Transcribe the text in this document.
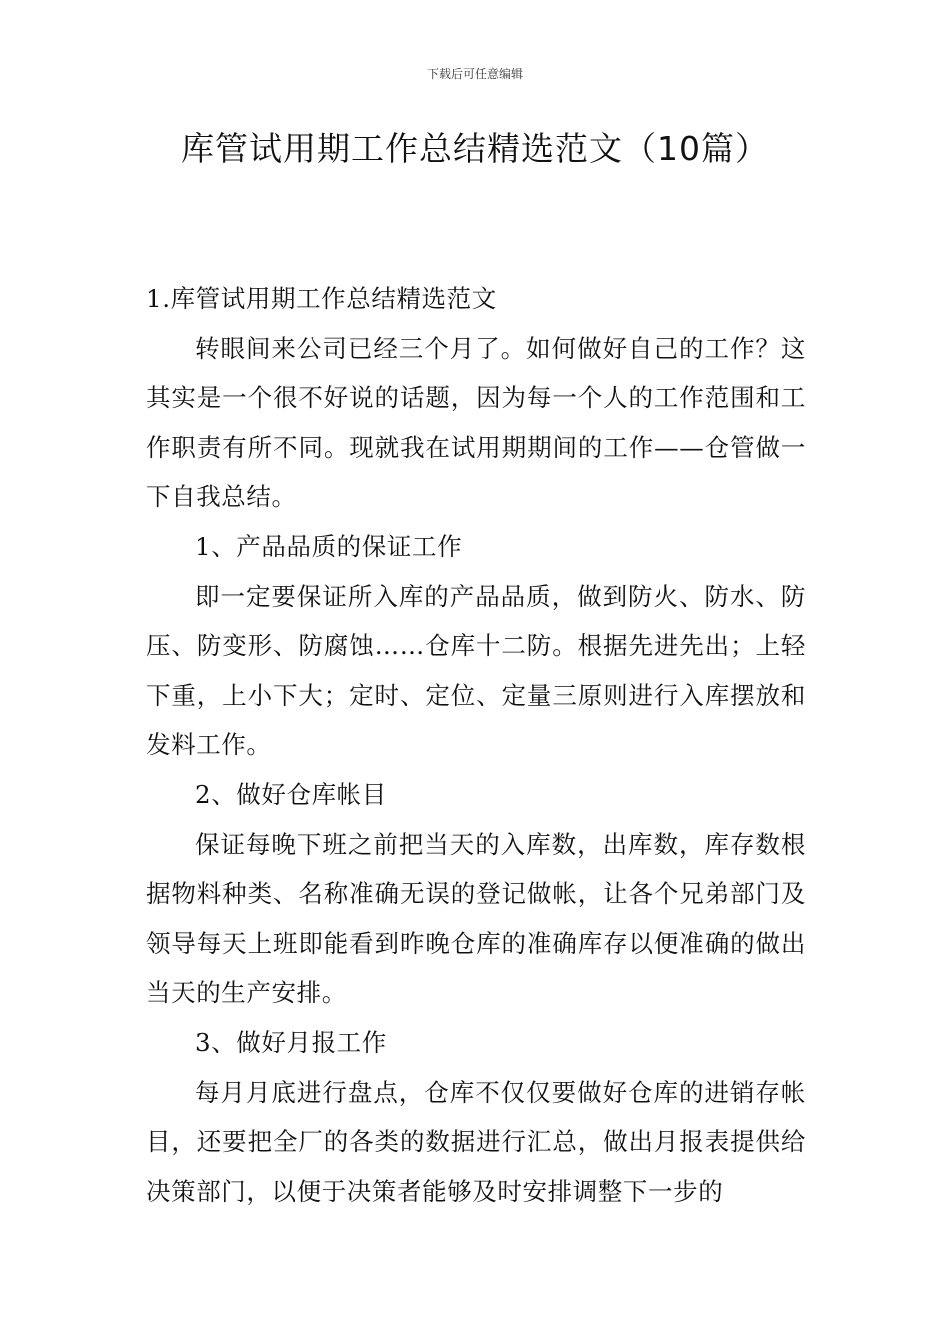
下载后可任意编辑
库管试用期工作总结精选范文（10篇）

1.库管试用期工作总结精选范文

转眼间来公司已经三个月了。如何做好自己的工作？这其实是一个很不好说的话题，因为每一个人的工作范围和工作职责有所不同。现就我在试用期期间的工作——仓管做一下自我总结。

1、产品品质的保证工作

即一定要保证所入库的产品品质，做到防火、防水、防压、防变形、防腐蚀……仓库十二防。根据先进先出；上轻下重，上小下大；定时、定位、定量三原则进行入库摆放和发料工作。

2、做好仓库帐目

保证每晚下班之前把当天的入库数，出库数，库存数根据物料种类、名称准确无误的登记做帐，让各个兄弟部门及领导每天上班即能看到昨晚仓库的准确库存以便准确的做出当天的生产安排。

3、做好月报工作

每月月底进行盘点，仓库不仅仅要做好仓库的进销存帐目，还要把全厂的各类的数据进行汇总，做出月报表提供给决策部门，以便于决策者能够及时安排调整下一步的
